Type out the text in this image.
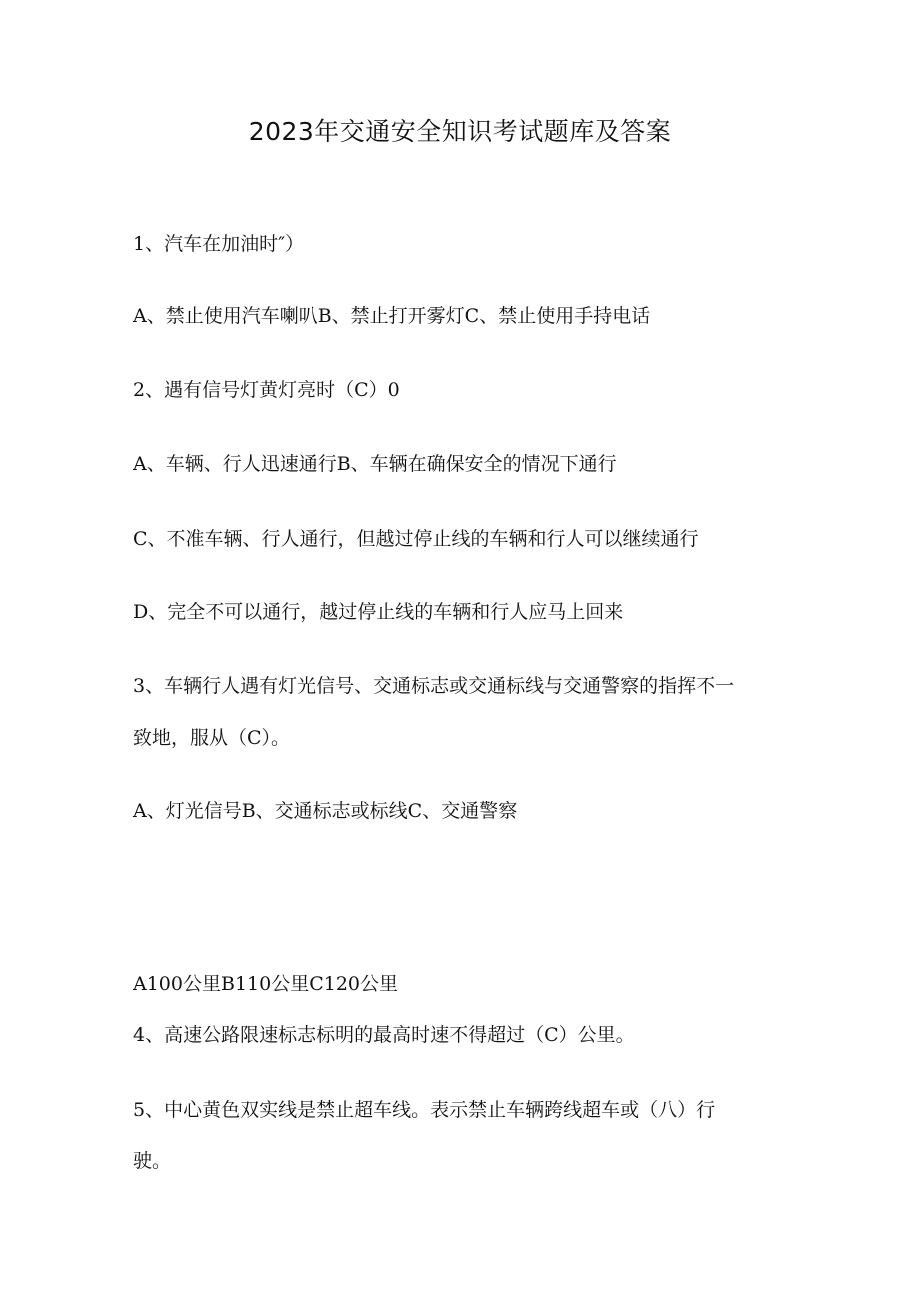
2023年交通安全知识考试题库及答案
1、汽车在加油时″）
A、禁止使用汽车喇叭B、禁止打开雾灯C、禁止使用手持电话
2、遇有信号灯黄灯亮时（C）0
A、车辆、行人迅速通行B、车辆在确保安全的情况下通行
C、不准车辆、行人通行，但越过停止线的车辆和行人可以继续通行
D、完全不可以通行，越过停止线的车辆和行人应马上回来
3、车辆行人遇有灯光信号、交通标志或交通标线与交通警察的指挥不一
致地，服从（C）。
A、灯光信号B、交通标志或标线C、交通警察
A100公里B110公里C120公里
4、高速公路限速标志标明的最高时速不得超过（C）公里。
5、中心黄色双实线是禁止超车线。表示禁止车辆跨线超车或（八）行
驶。
